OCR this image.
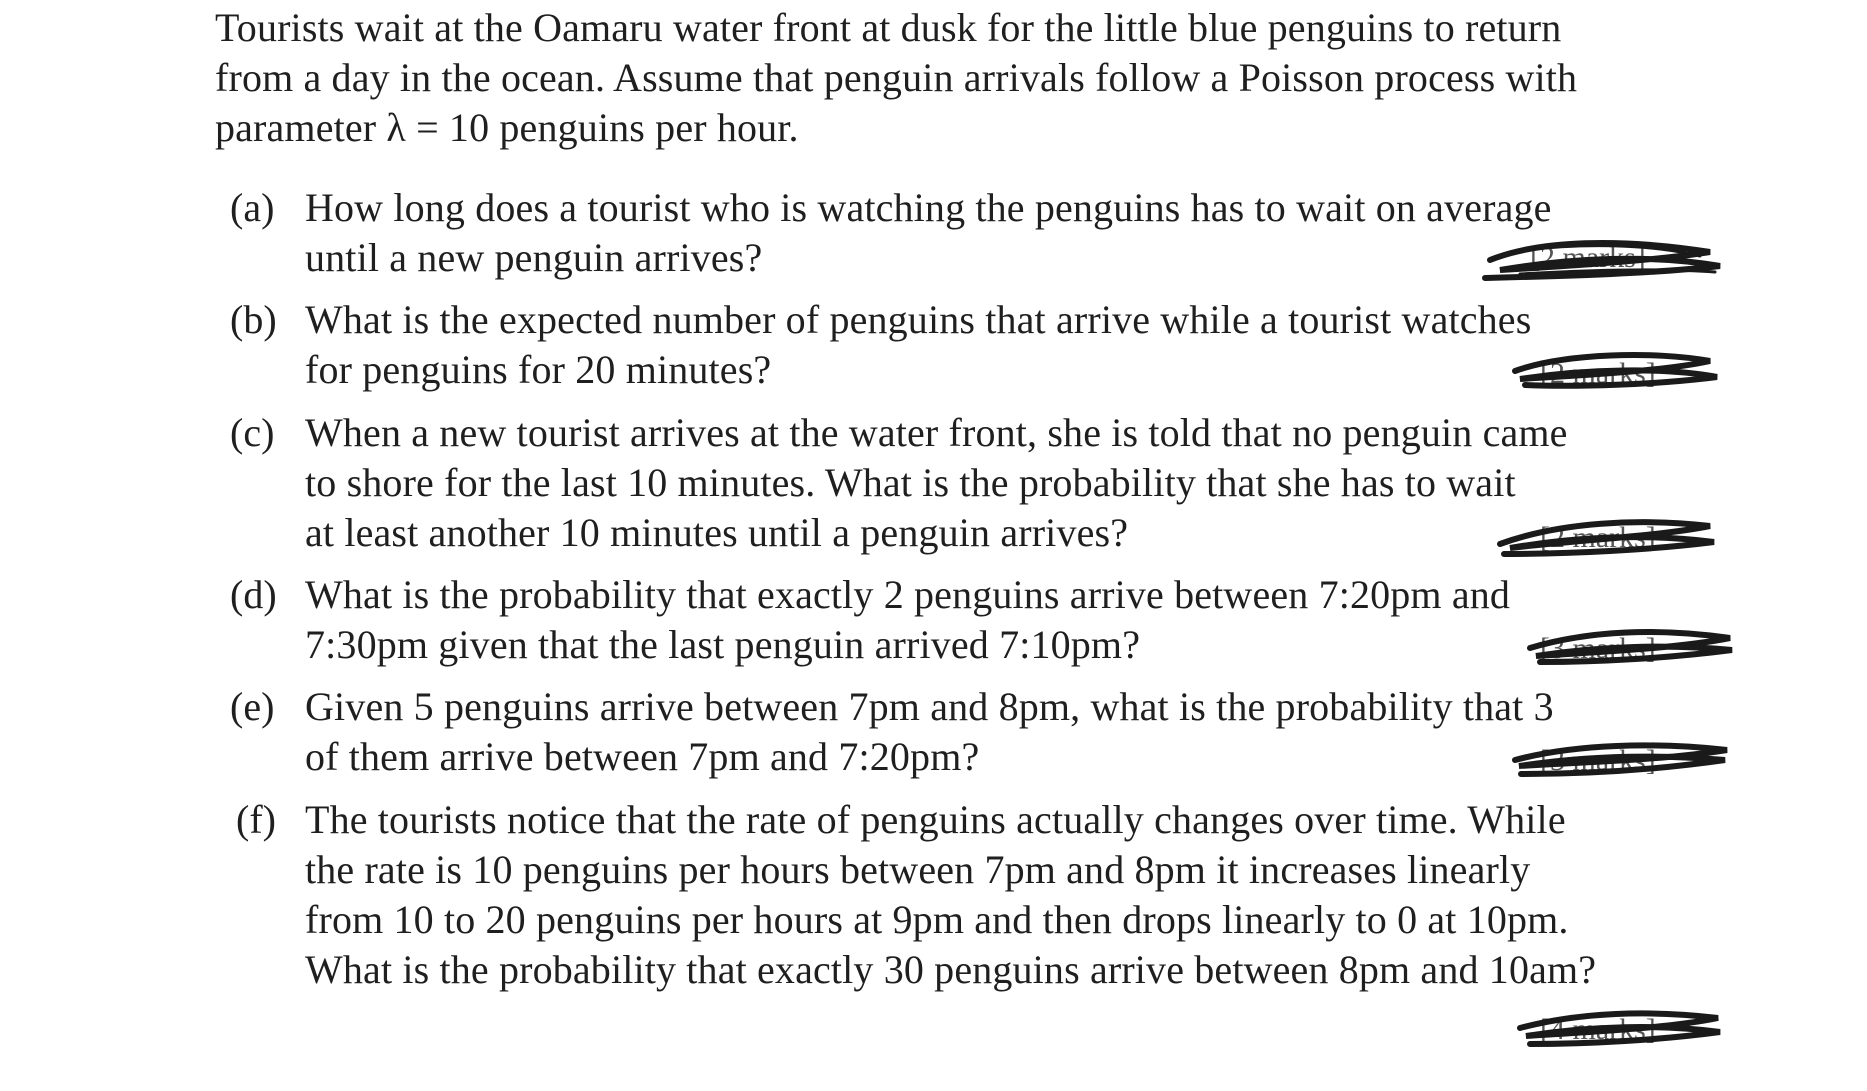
Tourists wait at the Oamaru water front at dusk for the little blue penguins to return
from a day in the ocean. Assume that penguin arrivals follow a Poisson process with
parameter λ = 10 penguins per hour.
(a) How long does a tourist who is watching the penguins has to wait on average
until a new penguin arrives?	[2 marks]
(b) What is the expected number of penguins that arrive while a tourist watches
for penguins for 20 minutes?	[2 marks]
(c) When a new tourist arrives at the water front, she is told that no penguin came
to shore for the last 10 minutes. What is the probability that she has to wait
at least another 10 minutes until a penguin arrives?	[2 marks]
(d) What is the probability that exactly 2 penguins arrive between 7:20pm and
7:30pm given that the last penguin arrived 7:10pm?	[3 marks]
(e) Given 5 penguins arrive between 7pm and 8pm, what is the probability that 3
of them arrive between 7pm and 7:20pm?	[3 marks]
(f) The tourists notice that the rate of penguins actually changes over time. While
the rate is 10 penguins per hours between 7pm and 8pm it increases linearly
from 10 to 20 penguins per hours at 9pm and then drops linearly to 0 at 10pm.
What is the probability that exactly 30 penguins arrive between 8pm and 10am?
[4 marks]
